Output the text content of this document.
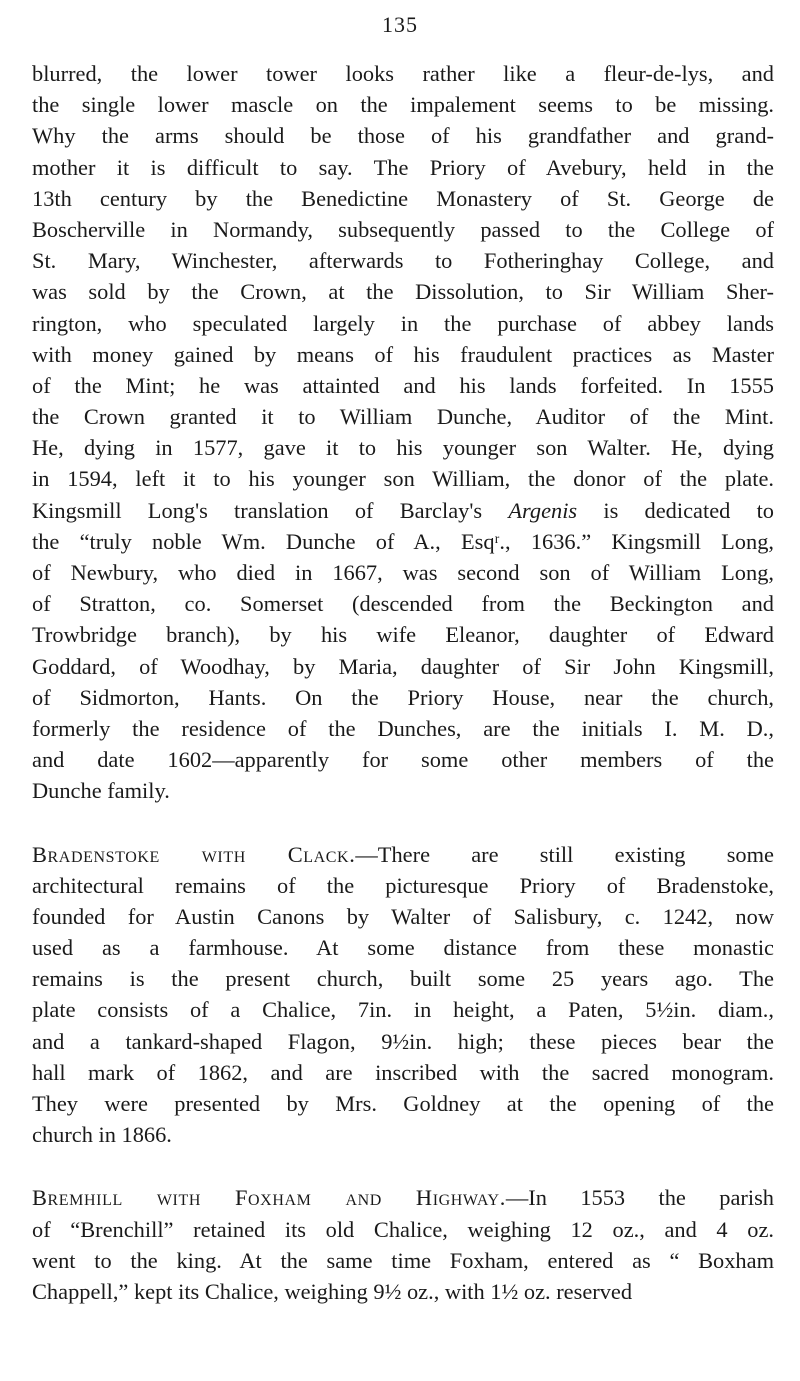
135
blurred, the lower tower looks rather like a fleur-de-lys, and
the single lower mascle on the impalement seems to be missing.
Why the arms should be those of his grandfather and grand-
mother it is difficult to say. The Priory of Avebury, held in the
13th century by the Benedictine Monastery of St. George de
Boscherville in Normandy, subsequently passed to the College of
St. Mary, Winchester, afterwards to Fotheringhay College, and
was sold by the Crown, at the Dissolution, to Sir William Sher-
rington, who speculated largely in the purchase of abbey lands
with money gained by means of his fraudulent practices as Master
of the Mint; he was attainted and his lands forfeited. In 1555
the Crown granted it to William Dunche, Auditor of the Mint.
He, dying in 1577, gave it to his younger son Walter. He, dying
in 1594, left it to his younger son William, the donor of the plate.
Kingsmill Long's translation of Barclay's Argenis is dedicated to
the “truly noble Wm. Dunche of A., Esqʳ., 1636.” Kingsmill Long,
of Newbury, who died in 1667, was second son of William Long,
of Stratton, co. Somerset (descended from the Beckington and
Trowbridge branch), by his wife Eleanor, daughter of Edward
Goddard, of Woodhay, by Maria, daughter of Sir John Kingsmill,
of Sidmorton, Hants. On the Priory House, near the church,
formerly the residence of the Dunches, are the initials I. M. D.,
and date 1602—apparently for some other members of the
Dunche family.
Bradenstoke with Clack.—There are still existing some
architectural remains of the picturesque Priory of Bradenstoke,
founded for Austin Canons by Walter of Salisbury, c. 1242, now
used as a farmhouse. At some distance from these monastic
remains is the present church, built some 25 years ago. The
plate consists of a Chalice, 7in. in height, a Paten, 5½in. diam.,
and a tankard-shaped Flagon, 9½in. high; these pieces bear the
hall mark of 1862, and are inscribed with the sacred monogram.
They were presented by Mrs. Goldney at the opening of the
church in 1866.
Bremhill with Foxham and Highway.—In 1553 the parish
of “Brenchill” retained its old Chalice, weighing 12 oz., and 4 oz.
went to the king. At the same time Foxham, entered as “ Boxham
Chappell,” kept its Chalice, weighing 9½ oz., with 1½ oz. reserved
